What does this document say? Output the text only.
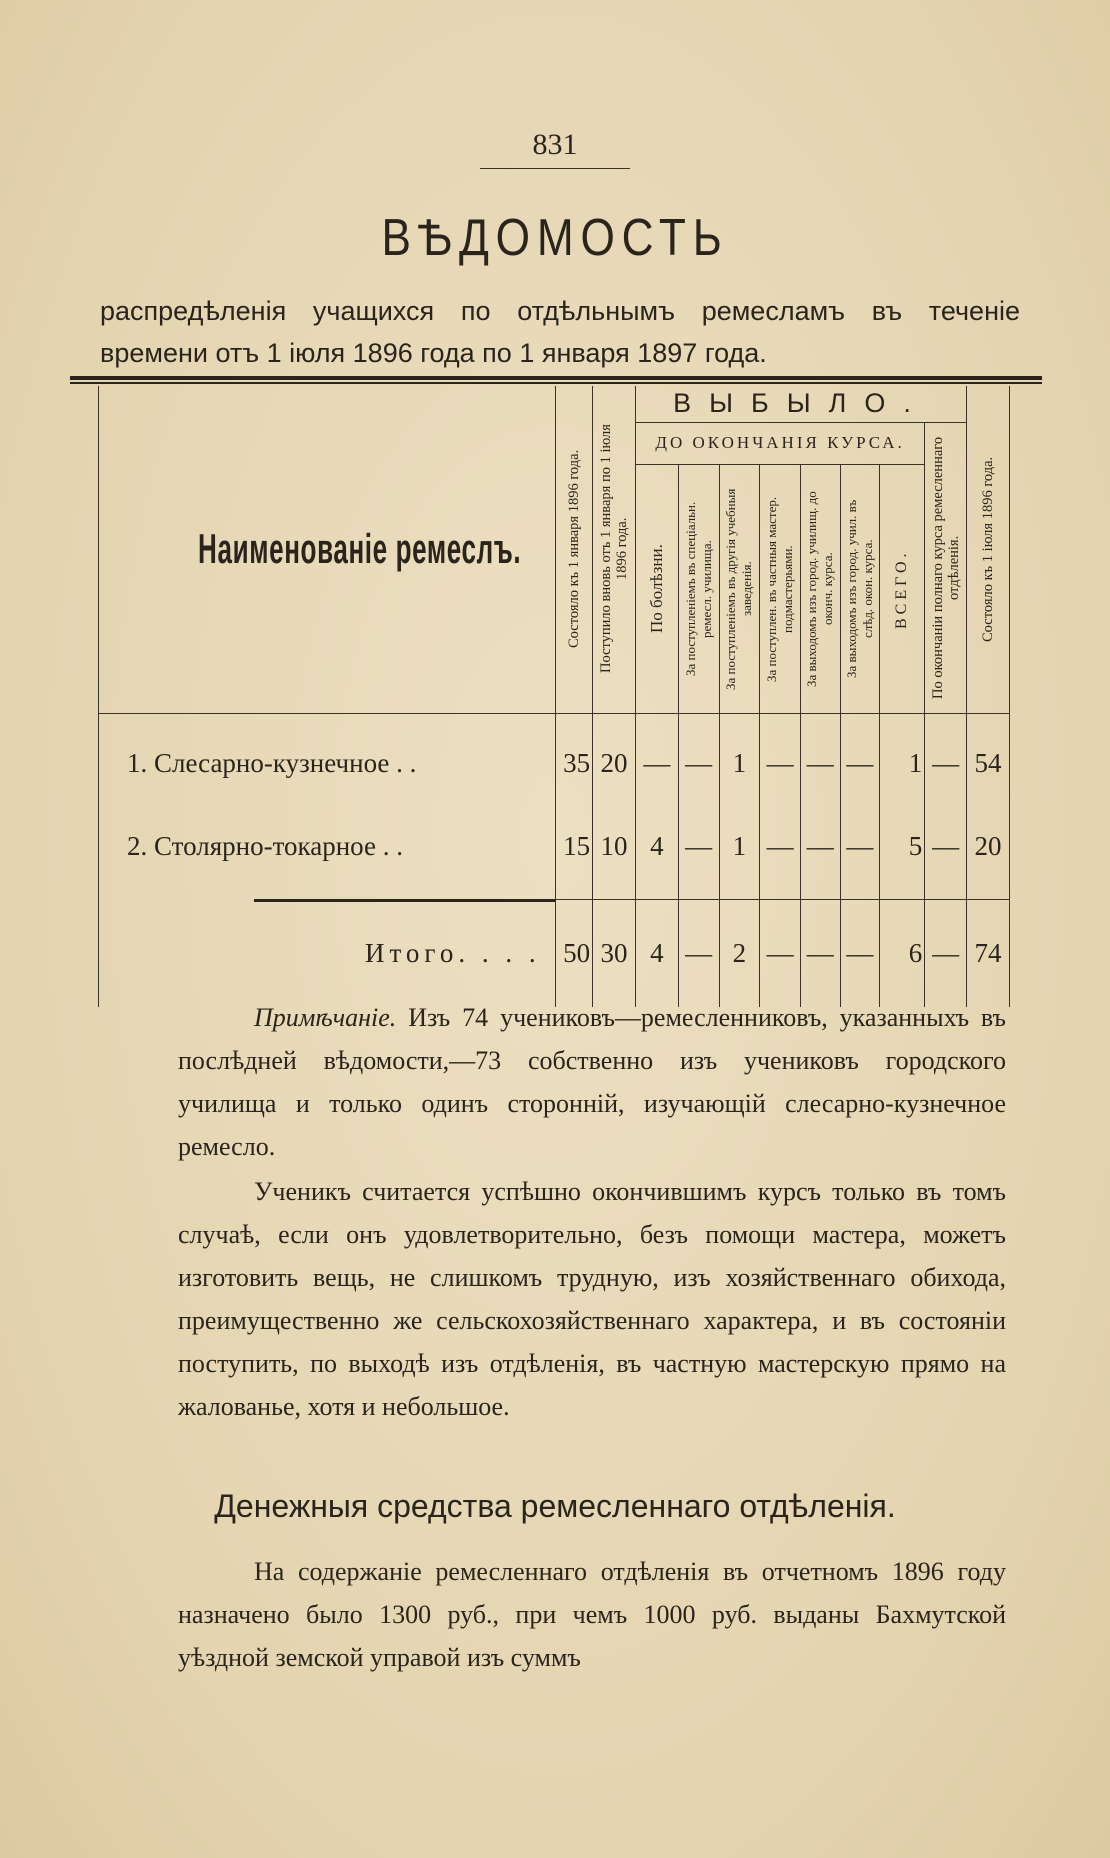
831
ВѢДОМОСТЬ
распредѣленія учащихся по отдѣльнымъ ремесламъ въ теченіе времени отъ 1 іюля 1896 года по 1 января 1897 года.
Наименованіе ремеслъ.	Состояло къ 1 января 1896 года.	Поступило вновь отъ 1 января по 1 іюля 1896 года.	ВЫБЫЛО.								Состояло къ 1 іюля 1896 года.

			ДО ОКОНЧАНІЯ КУРСА.							По окончаніи полнаго курса ремесленнаго отдѣленія.	

			По болѣзни.	За поступленіемъ въ спеціальн. ремесл. училища.	За поступленіемъ въ другія учебныя заведенія.	За поступлен. въ частныя мастер. подмастерьями.	За выходомъ изъ город. училищ. до оконч. курса.	За выходомъ изъ город. учил. въ слѣд. окон. курса.	ВСЕГО.		

1. Слесарно-кузнечное . .	35	20	—	—	1	—	—	—	1	—	54
2. Столярно-токарное . .	15	10	4	—	1	—	—	—	5	—	20

Итого. . . .	50	30	4	—	2	—	—	—	6	—	74
Примѣчаніе. Изъ 74 учениковъ—ремесленниковъ, указанныхъ въ послѣдней вѣдомости,—73 собственно изъ учениковъ городского училища и только одинъ сторонній, изучающій слесарно-кузнечное ремесло.
Ученикъ считается успѣшно окончившимъ курсъ только въ томъ случаѣ, если онъ удовлетворительно, безъ помощи мастера, можетъ изготовить вещь, не слишкомъ трудную, изъ хозяйственнаго обихода, преимущественно же сельскохозяйственнаго характера, и въ состояніи поступить, по выходѣ изъ отдѣленія, въ частную мастерскую прямо на жалованье, хотя и небольшое.
Денежныя средства ремесленнаго отдѣленія.
На содержаніе ремесленнаго отдѣленія въ отчетномъ 1896 году назначено было 1300 руб., при чемъ 1000 руб. выданы Бахмутской уѣздной земской управой изъ суммъ
